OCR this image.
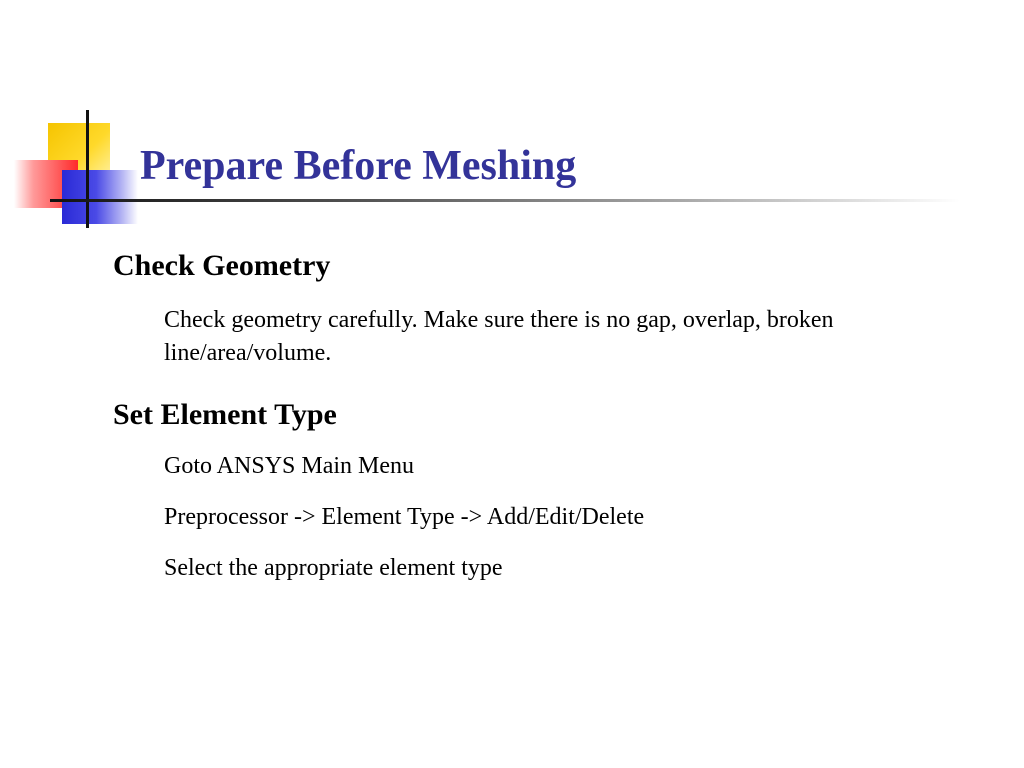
Prepare Before Meshing
Check Geometry
Check geometry carefully. Make sure there is no gap, overlap, broken line/area/volume.
Set Element Type
Goto ANSYS Main Menu
Preprocessor -> Element Type -> Add/Edit/Delete
Select the appropriate element type
